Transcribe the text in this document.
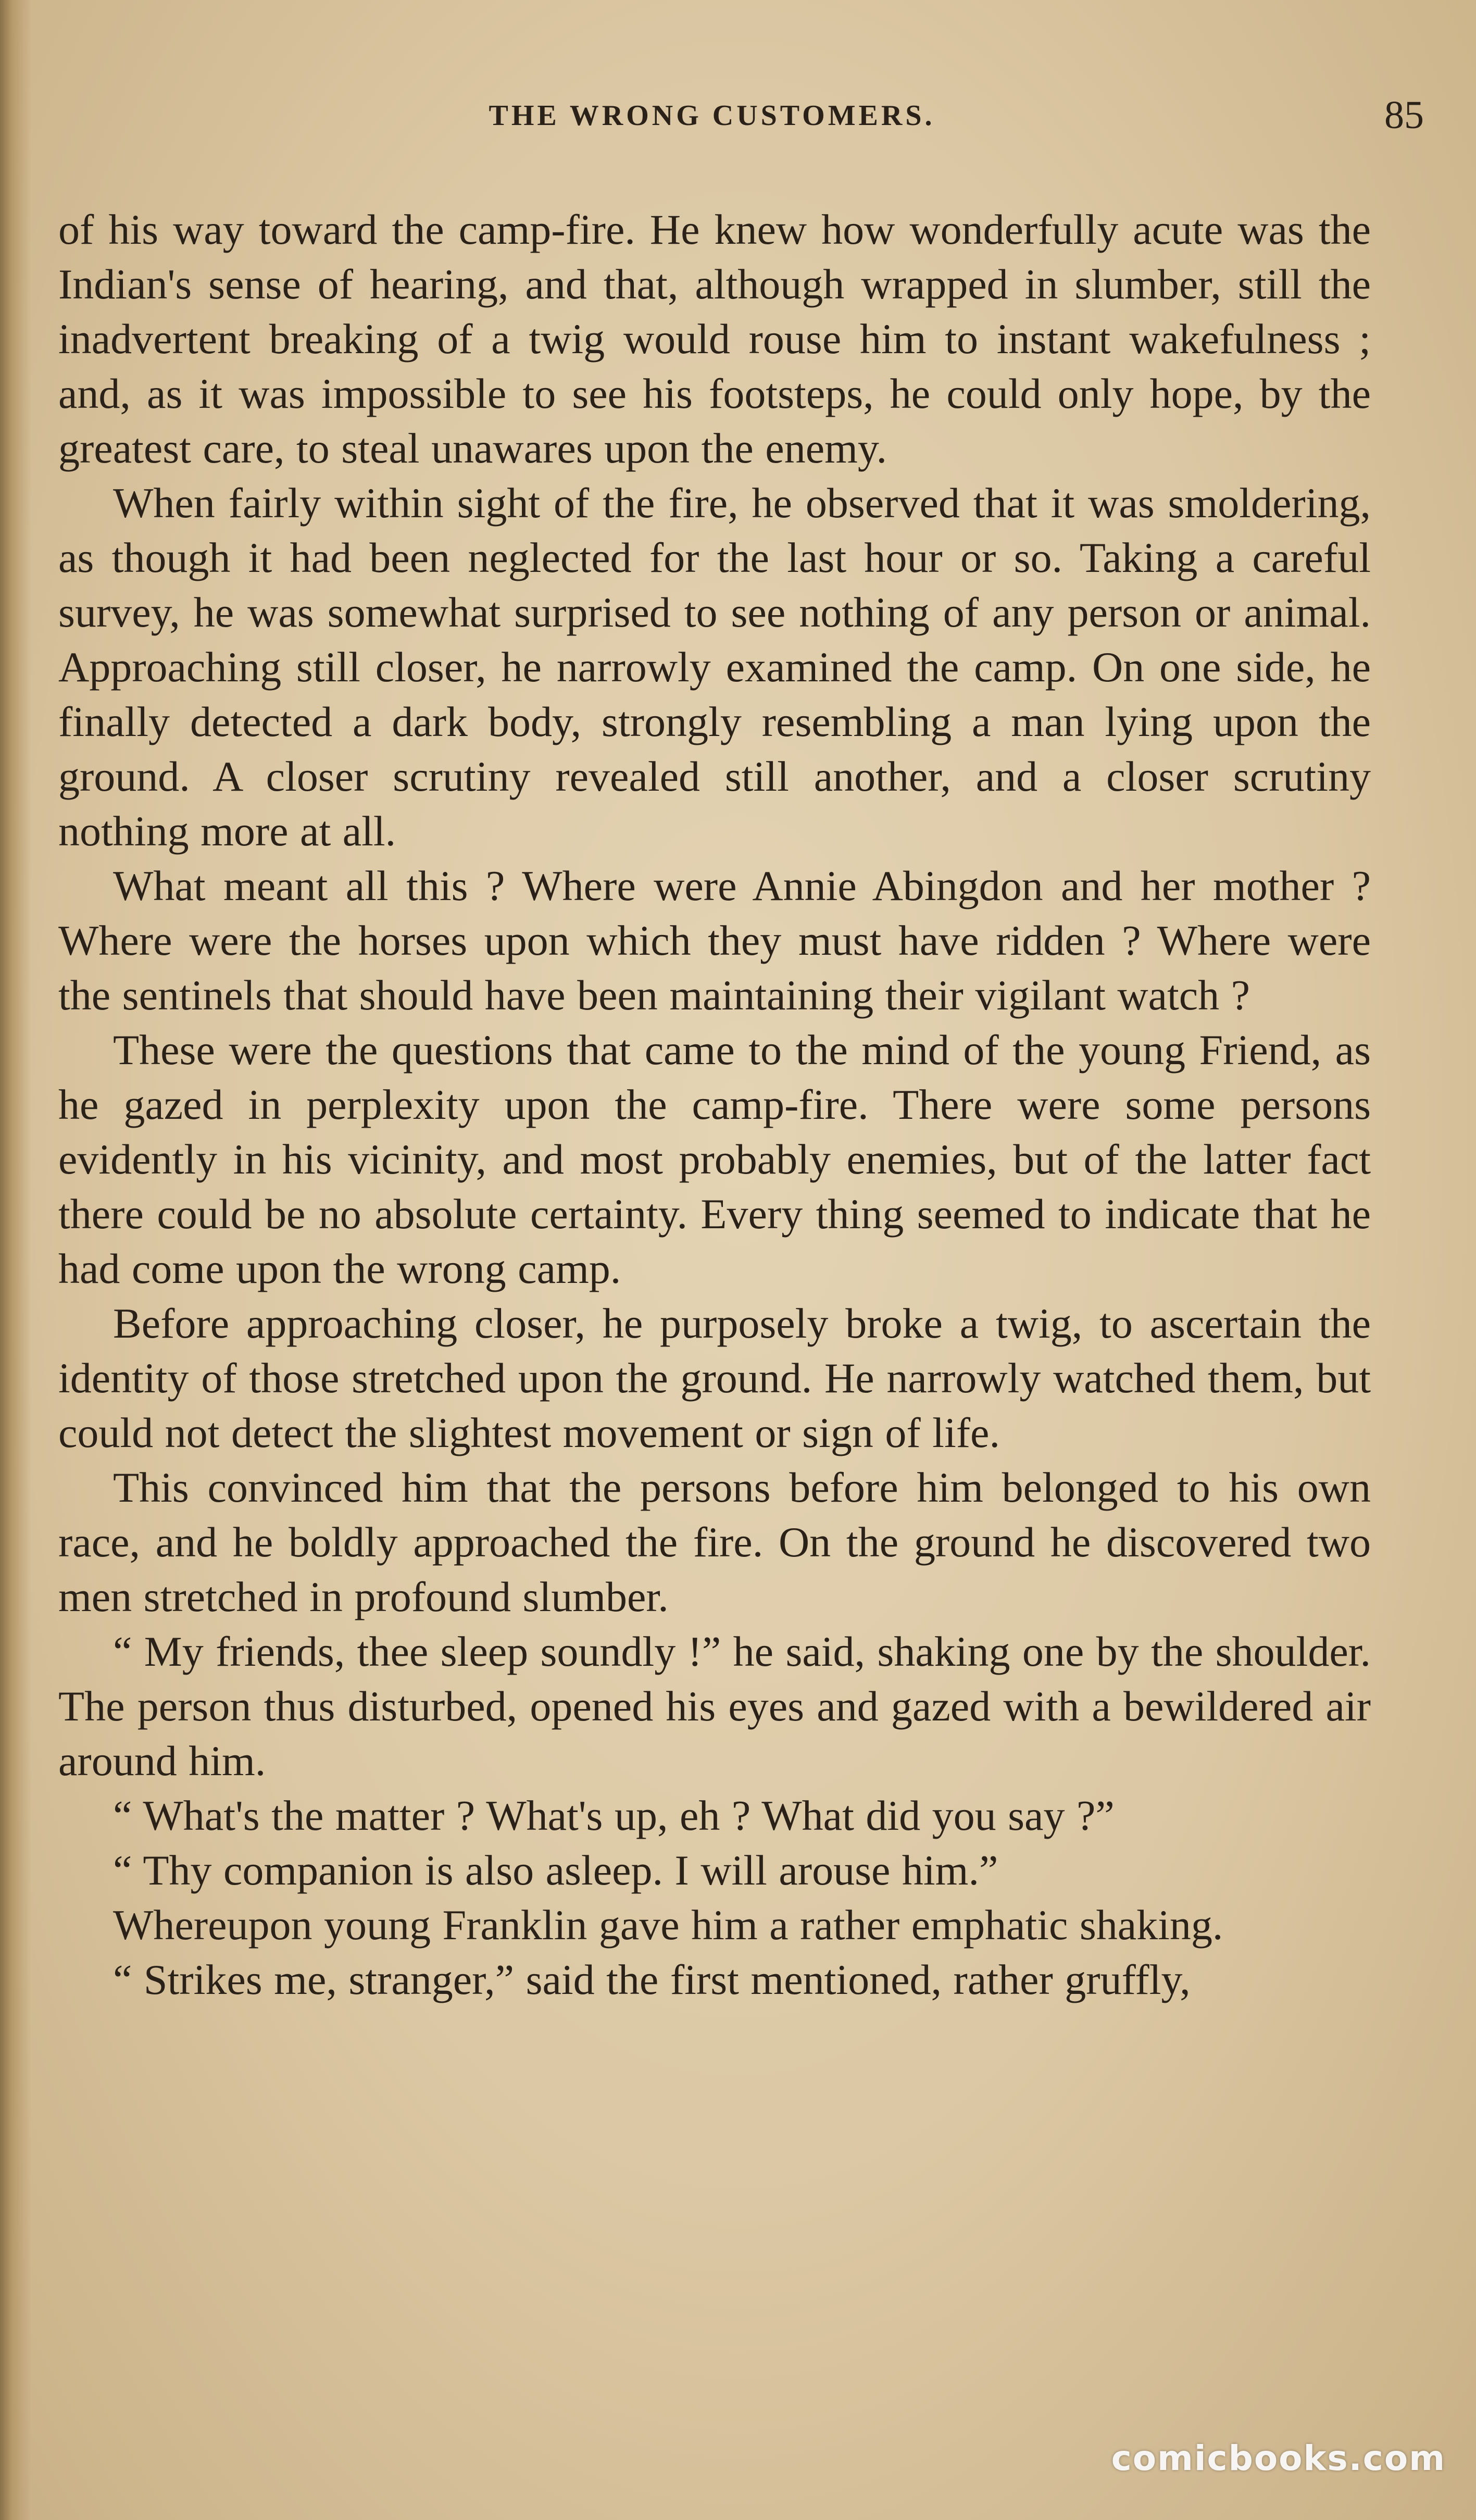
THE WRONG CUSTOMERS.	85

of his way toward the camp-fire. He knew how wonderfully acute was the Indian's sense of hearing, and that, although wrapped in slumber, still the inadvertent breaking of a twig would rouse him to instant wakefulness ; and, as it was impossible to see his footsteps, he could only hope, by the greatest care, to steal unawares upon the enemy.

When fairly within sight of the fire, he observed that it was smoldering, as though it had been neglected for the last hour or so. Taking a careful survey, he was somewhat surprised to see nothing of any person or animal. Approaching still closer, he narrowly examined the camp. On one side, he finally detected a dark body, strongly resembling a man lying upon the ground. A closer scrutiny revealed still another, and a closer scrutiny nothing more at all.

What meant all this ? Where were Annie Abingdon and her mother ? Where were the horses upon which they must have ridden ? Where were the sentinels that should have been maintaining their vigilant watch ?

These were the questions that came to the mind of the young Friend, as he gazed in perplexity upon the camp-fire. There were some persons evidently in his vicinity, and most probably enemies, but of the latter fact there could be no absolute certainty. Every thing seemed to indicate that he had come upon the wrong camp.

Before approaching closer, he purposely broke a twig, to ascertain the identity of those stretched upon the ground. He narrowly watched them, but could not detect the slightest movement or sign of life.

This convinced him that the persons before him belonged to his own race, and he boldly approached the fire. On the ground he discovered two men stretched in profound slumber.

“ My friends, thee sleep soundly !” he said, shaking one by the shoulder. The person thus disturbed, opened his eyes and gazed with a bewildered air around him.

“ What's the matter ? What's up, eh ? What did you say ?”

“ Thy companion is also asleep. I will arouse him.”

Whereupon young Franklin gave him a rather emphatic shaking.

“ Strikes me, stranger,” said the first mentioned, rather gruffly,

comicbooks.com
